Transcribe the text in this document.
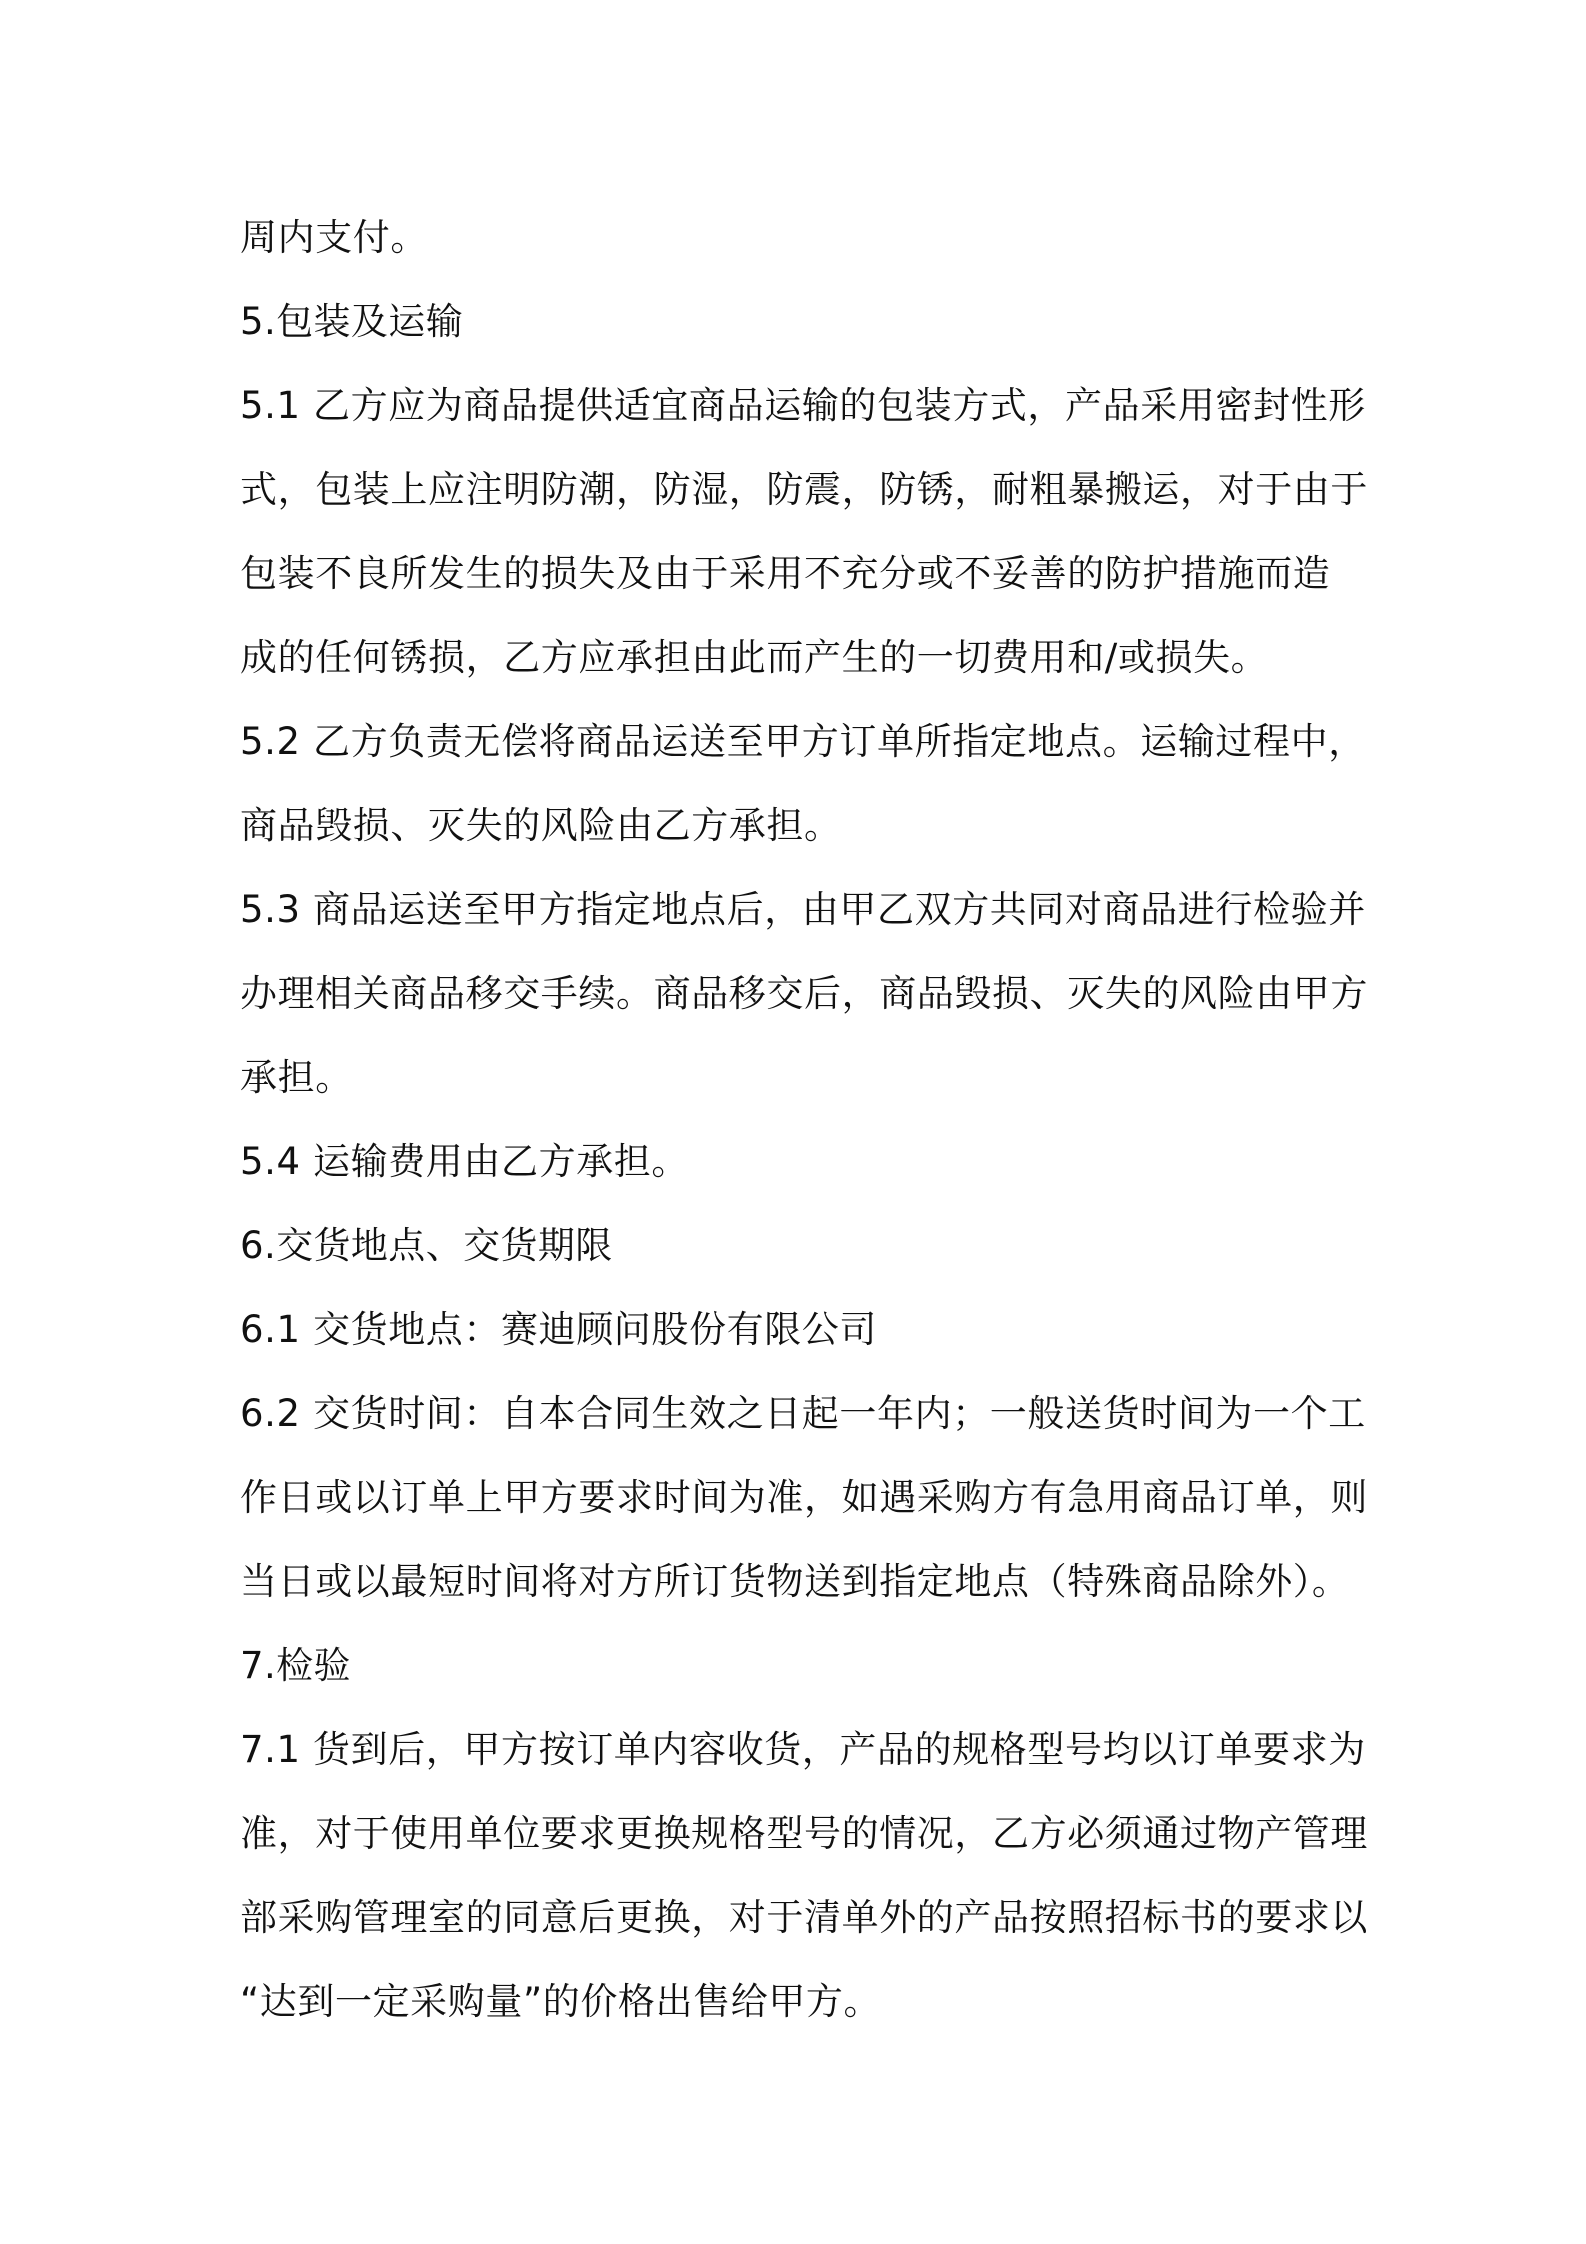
周内支付。
5.包装及运输
5.1 乙方应为商品提供适宜商品运输的包装方式，产品采用密封性形
式，包装上应注明防潮，防湿，防震，防锈，耐粗暴搬运，对于由于
包装不良所发生的损失及由于采用不充分或不妥善的防护措施而造
成的任何锈损，乙方应承担由此而产生的一切费用和/或损失。
5.2 乙方负责无偿将商品运送至甲方订单所指定地点。运输过程中，
商品毁损、灭失的风险由乙方承担。
5.3 商品运送至甲方指定地点后，由甲乙双方共同对商品进行检验并
办理相关商品移交手续。商品移交后，商品毁损、灭失的风险由甲方
承担。
5.4 运输费用由乙方承担。
6.交货地点、交货期限
6.1 交货地点：赛迪顾问股份有限公司
6.2 交货时间：自本合同生效之日起一年内；一般送货时间为一个工
作日或以订单上甲方要求时间为准，如遇采购方有急用商品订单，则
当日或以最短时间将对方所订货物送到指定地点（特殊商品除外）。
7.检验
7.1 货到后，甲方按订单内容收货，产品的规格型号均以订单要求为
准，对于使用单位要求更换规格型号的情况，乙方必须通过物产管理
部采购管理室的同意后更换，对于清单外的产品按照招标书的要求以
“达到一定采购量”的价格出售给甲方。
